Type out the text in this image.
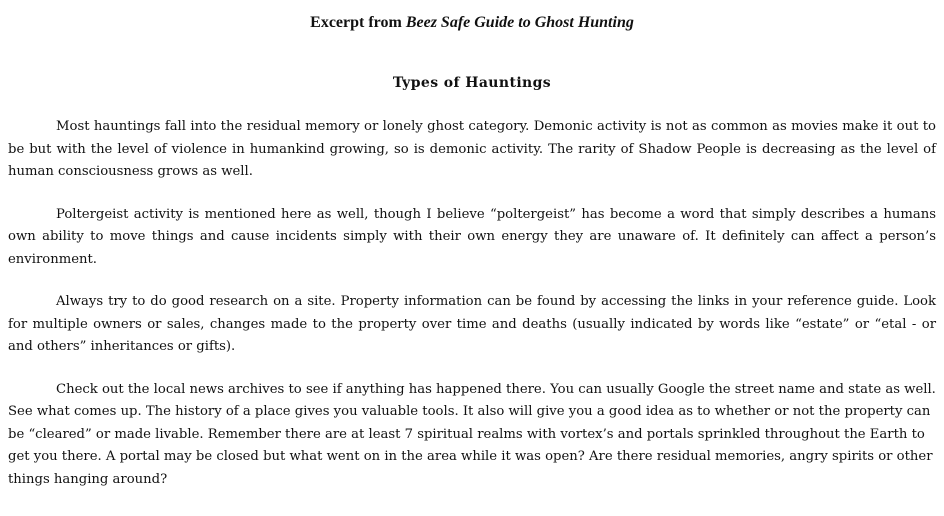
Excerpt from Beez Safe Guide to Ghost Hunting
Types of Hauntings

Most hauntings fall into the residual memory or lonely ghost category. Demonic activity is not as common as movies make it out to be but with the level of violence in humankind growing, so is demonic activity. The rarity of Shadow People is decreasing as the level of human consciousness grows as well.

Poltergeist activity is mentioned here as well, though I believe “poltergeist” has become a word that simply describes a humans own ability to move things and cause incidents simply with their own energy they are unaware of. It definitely can affect a person’s environment.

Always try to do good research on a site. Property information can be found by accessing the links in your reference guide. Look for multiple owners or sales, changes made to the property over time and deaths (usually indicated by words like “estate” or “etal - or and others” inheritances or gifts).

Check out the local news archives to see if anything has happened there. You can usually Google the street name and state as well. See what comes up. The history of a place gives you valuable tools. It also will give you a good idea as to whether or not the property can be “cleared” or made livable. Remember there are at least 7 spiritual realms with vortex’s and portals sprinkled throughout the Earth to get you there. A portal may be closed but what went on in the area while it was open? Are there residual memories, angry spirits or other things hanging around?
